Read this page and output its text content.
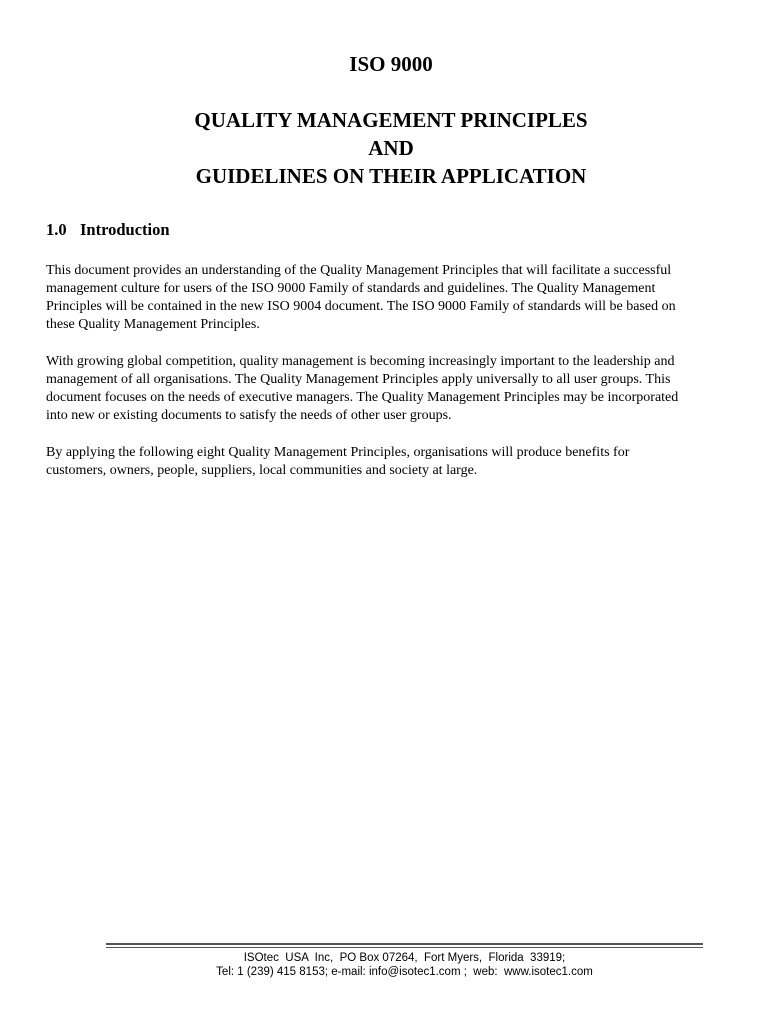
ISO 9000
QUALITY MANAGEMENT PRINCIPLES
AND
GUIDELINES ON THEIR APPLICATION
1.0 Introduction
This document provides an understanding of the Quality Management Principles that will facilitate a successful
management culture for users of the ISO 9000 Family of standards and guidelines. The Quality Management
Principles will be contained in the new ISO 9004 document. The ISO 9000 Family of standards will be based on
these Quality Management Principles.
With growing global competition, quality management is becoming increasingly important to the leadership and
management of all organisations. The Quality Management Principles apply universally to all user groups. This
document focuses on the needs of executive managers. The Quality Management Principles may be incorporated
into new or existing documents to satisfy the needs of other user groups.
By applying the following eight Quality Management Principles, organisations will produce benefits for
customers, owners, people, suppliers, local communities and society at large.
ISOtec  USA  Inc,  PO Box 07264,  Fort Myers,  Florida  33919;
Tel: 1 (239) 415 8153; e-mail: info@isotec1.com ;  web:  www.isotec1.com
